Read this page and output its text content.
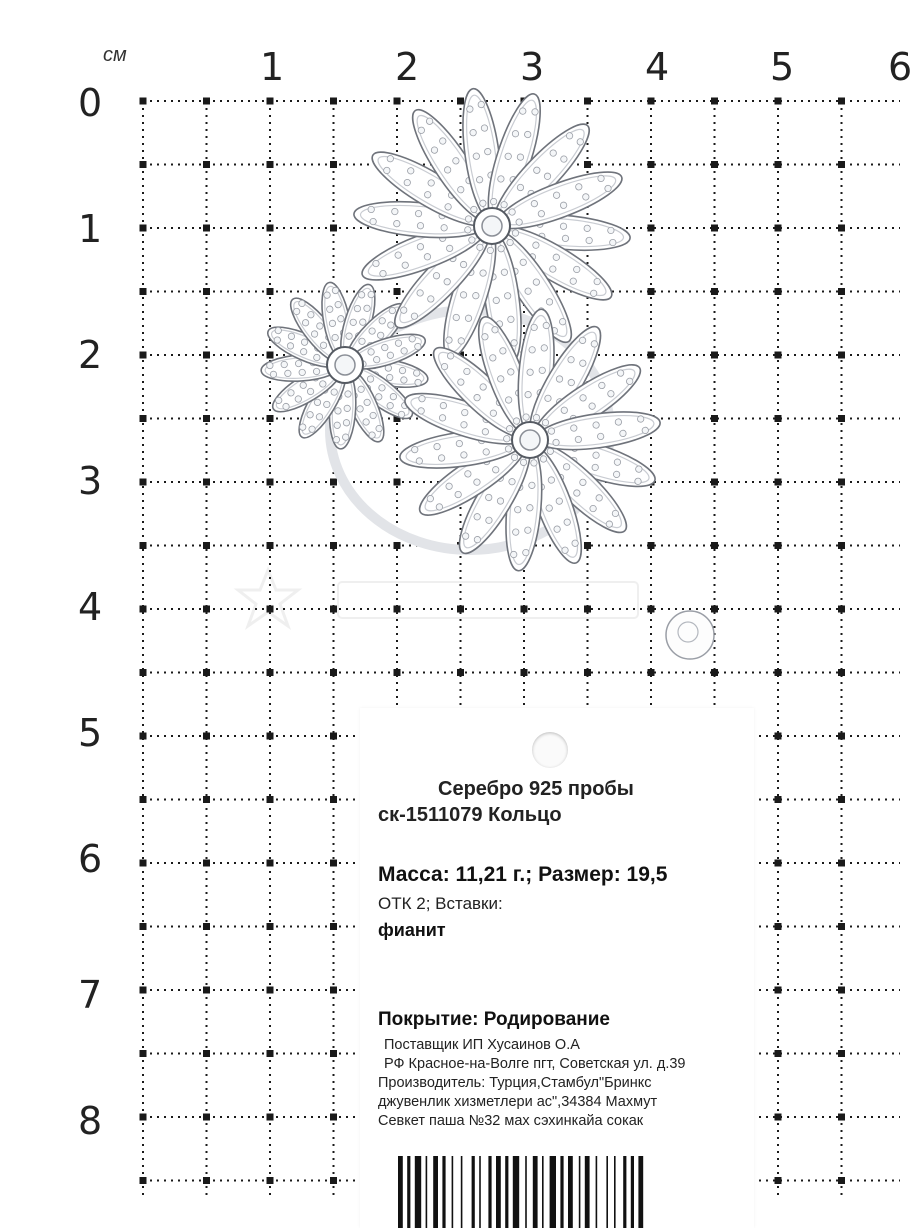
см	1	2	3	4	5 6
0
1
2
3
4
5
6
7
8
Серебро 925 пробы
ск-1511079 Кольцо
Масса: 11,21 г.; Размер: 19,5
ОТК 2; Вставки:
фианит
Покрытие: Родирование
Поставщик ИП Хусаинов О.А
РФ Красное-на-Волге пгт, Советская ул. д.39
Производитель: Турция,Стамбул"Бринкс
джувенлик хизметлери ас",34384 Махмут
Севкет паша №32 мах сэхинкайа сокак
